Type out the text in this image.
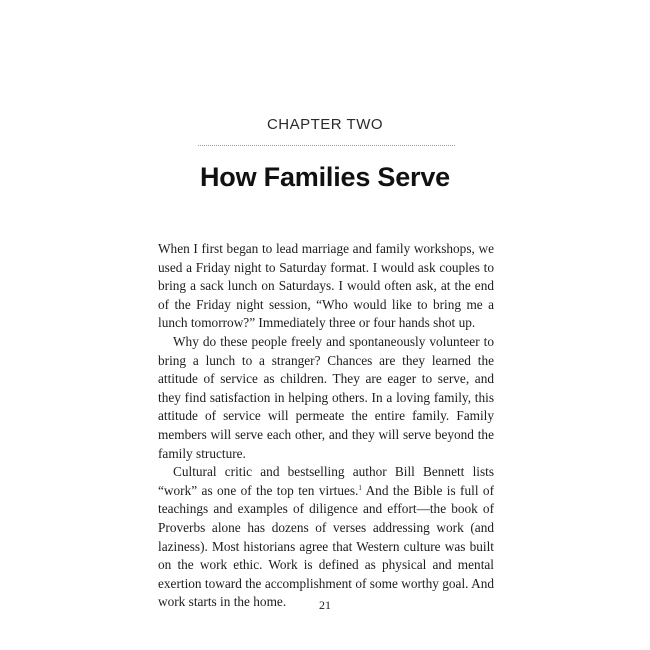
CHAPTER TWO
How Families Serve

When I first began to lead marriage and family workshops, we used a Friday night to Saturday format. I would ask couples to bring a sack lunch on Saturdays. I would often ask, at the end of the Friday night session, “Who would like to bring me a lunch tomorrow?” Immediately three or four hands shot up.

Why do these people freely and spontaneously volunteer to bring a lunch to a stranger? Chances are they learned the attitude of service as children. They are eager to serve, and they find satisfaction in helping others. In a loving family, this attitude of service will permeate the entire family. Family members will serve each other, and they will serve beyond the family structure.

Cultural critic and bestselling author Bill Bennett lists “work” as one of the top ten virtues.$^1$ And the Bible is full of teachings and examples of diligence and effort—the book of Proverbs alone has dozens of verses addressing work (and laziness). Most historians agree that Western culture was built on the work ethic. Work is defined as physical and mental exertion toward the accomplishment of some worthy goal. And work starts in the home.	21
